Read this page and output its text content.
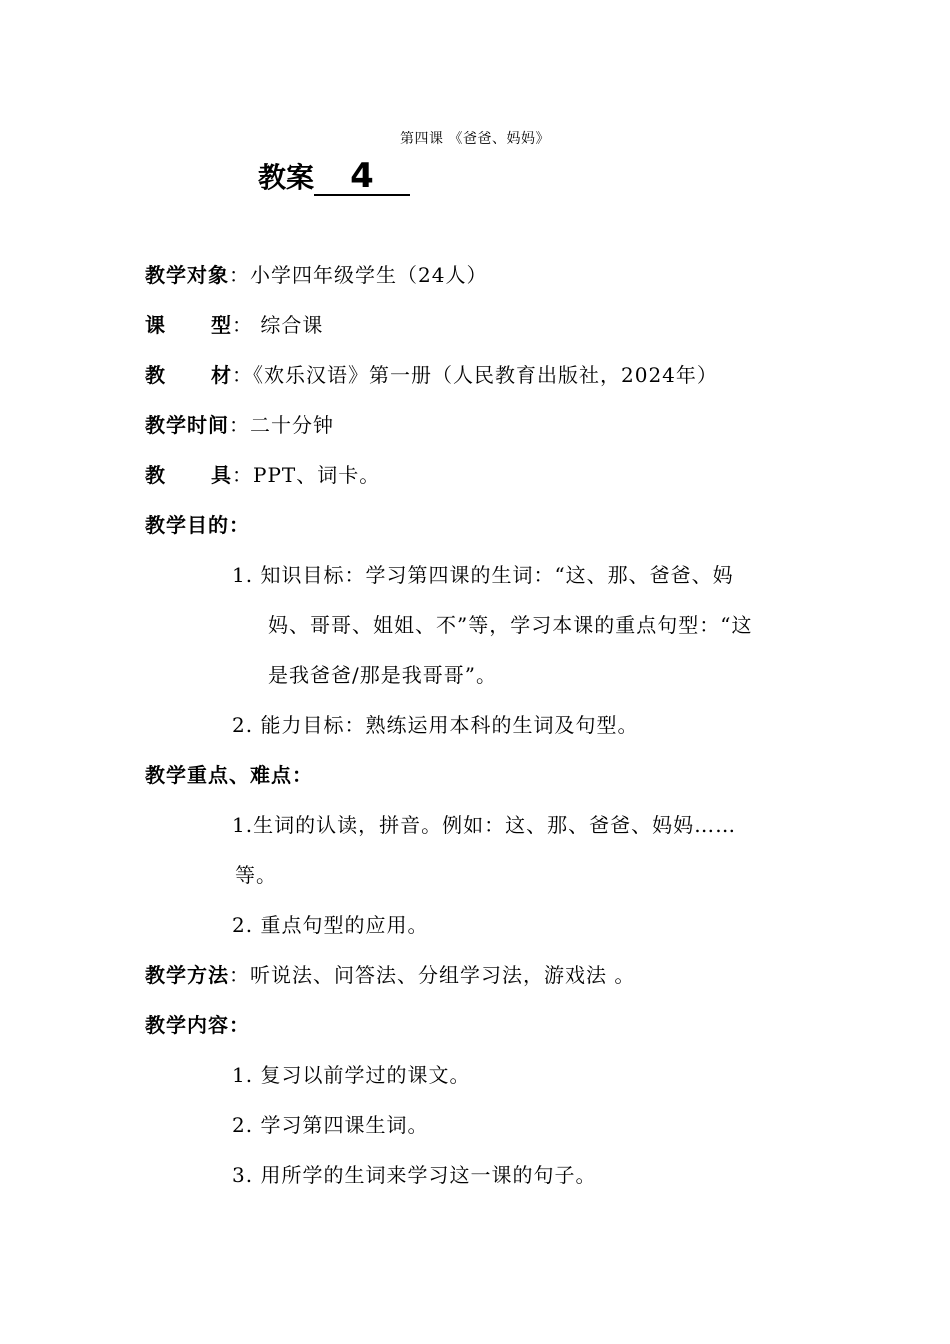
第四课 《爸爸、妈妈》
教案	4
教学对象：小学四年级学生（24人）
课 型： 综合课
教 材：《欢乐汉语》第一册（人民教育出版社，2024年）
教学时间：二十分钟
教 具：PPT、词卡。
教学目的：
1. 知识目标：学习第四课的生词：“这、那、爸爸、妈
妈、哥哥、姐姐、不”等，学习本课的重点句型：“这
是我爸爸/那是我哥哥”。
2. 能力目标：熟练运用本科的生词及句型。
教学重点、难点：
1.生词的认读，拼音。例如：这、那、爸爸、妈妈……
等。
2. 重点句型的应用。
教学方法：听说法、问答法、分组学习法，游戏法 。
教学内容：
1. 复习以前学过的课文。
2. 学习第四课生词。
3. 用所学的生词来学习这一课的句子。
